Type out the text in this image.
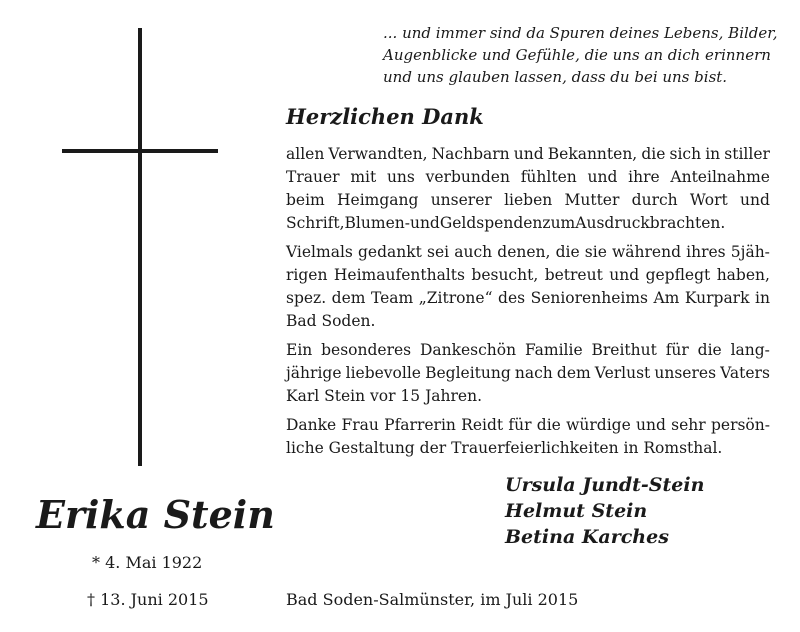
... und immer sind da Spuren deines Lebens, Bilder,
Augenblicke und Gefühle, die uns an dich erinnern
und uns glauben lassen, dass du bei uns bist.
Herzlichen Dank
allen Verwandten, Nachbarn und Bekannten, die sich in stiller
Trauer mit uns verbunden fühlten und ihre Anteilnahme
beim Heimgang unserer lieben Mutter durch Wort und
Schrift, Blumen- und Geldspenden zum Ausdruck brachten.
Vielmals gedankt sei auch denen, die sie während ihres 5jäh-
rigen Heimaufenthalts besucht, betreut und gepflegt haben,
spez. dem Team „Zitrone“ des Seniorenheims Am Kurpark in
Bad Soden.
Ein besonderes Dankeschön Familie Breithut für die lang-
jährige liebevolle Begleitung nach dem Verlust unseres Vaters
Karl Stein vor 15 Jahren.
Danke Frau Pfarrerin Reidt für die würdige und sehr persön-
liche Gestaltung der Trauerfeierlichkeiten in Romsthal.
Erika Stein
* 4. Mai 1922
† 13. Juni 2015
Ursula Jundt-Stein
Helmut Stein
Betina Karches
Bad Soden-Salmünster, im Juli 2015
